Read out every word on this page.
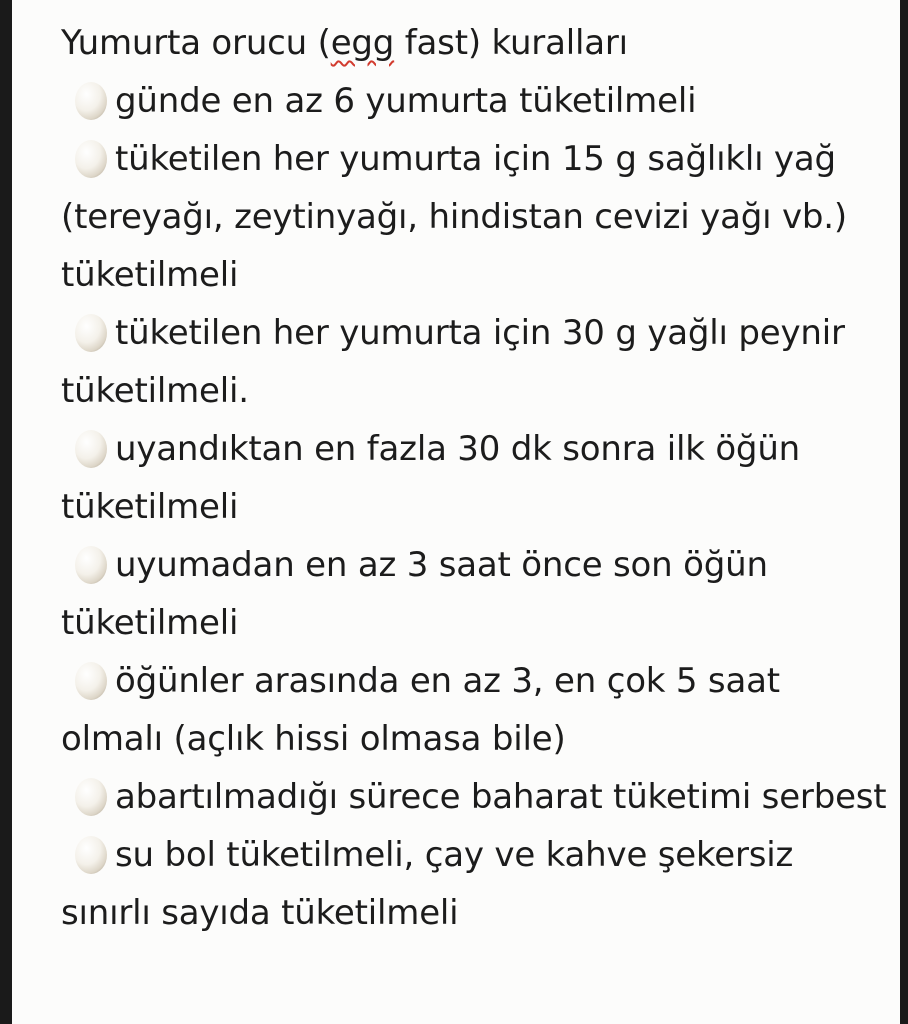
Yumurta orucu (egg fast) kuralları

günde en az 6 yumurta tüketilmeli

tüketilen her yumurta için 15 g sağlıklı yağ (tereyağı, zeytinyağı, hindistan cevizi yağı vb.) tüketilmeli

tüketilen her yumurta için 30 g yağlı peynir tüketilmeli.

uyandıktan en fazla 30 dk sonra ilk öğün tüketilmeli

uyumadan en az 3 saat önce son öğün tüketilmeli

öğünler arasında en az 3, en çok 5 saat olmalı (açlık hissi olmasa bile)

abartılmadığı sürece baharat tüketimi serbest

su bol tüketilmeli, çay ve kahve şekersiz sınırlı sayıda tüketilmeli
